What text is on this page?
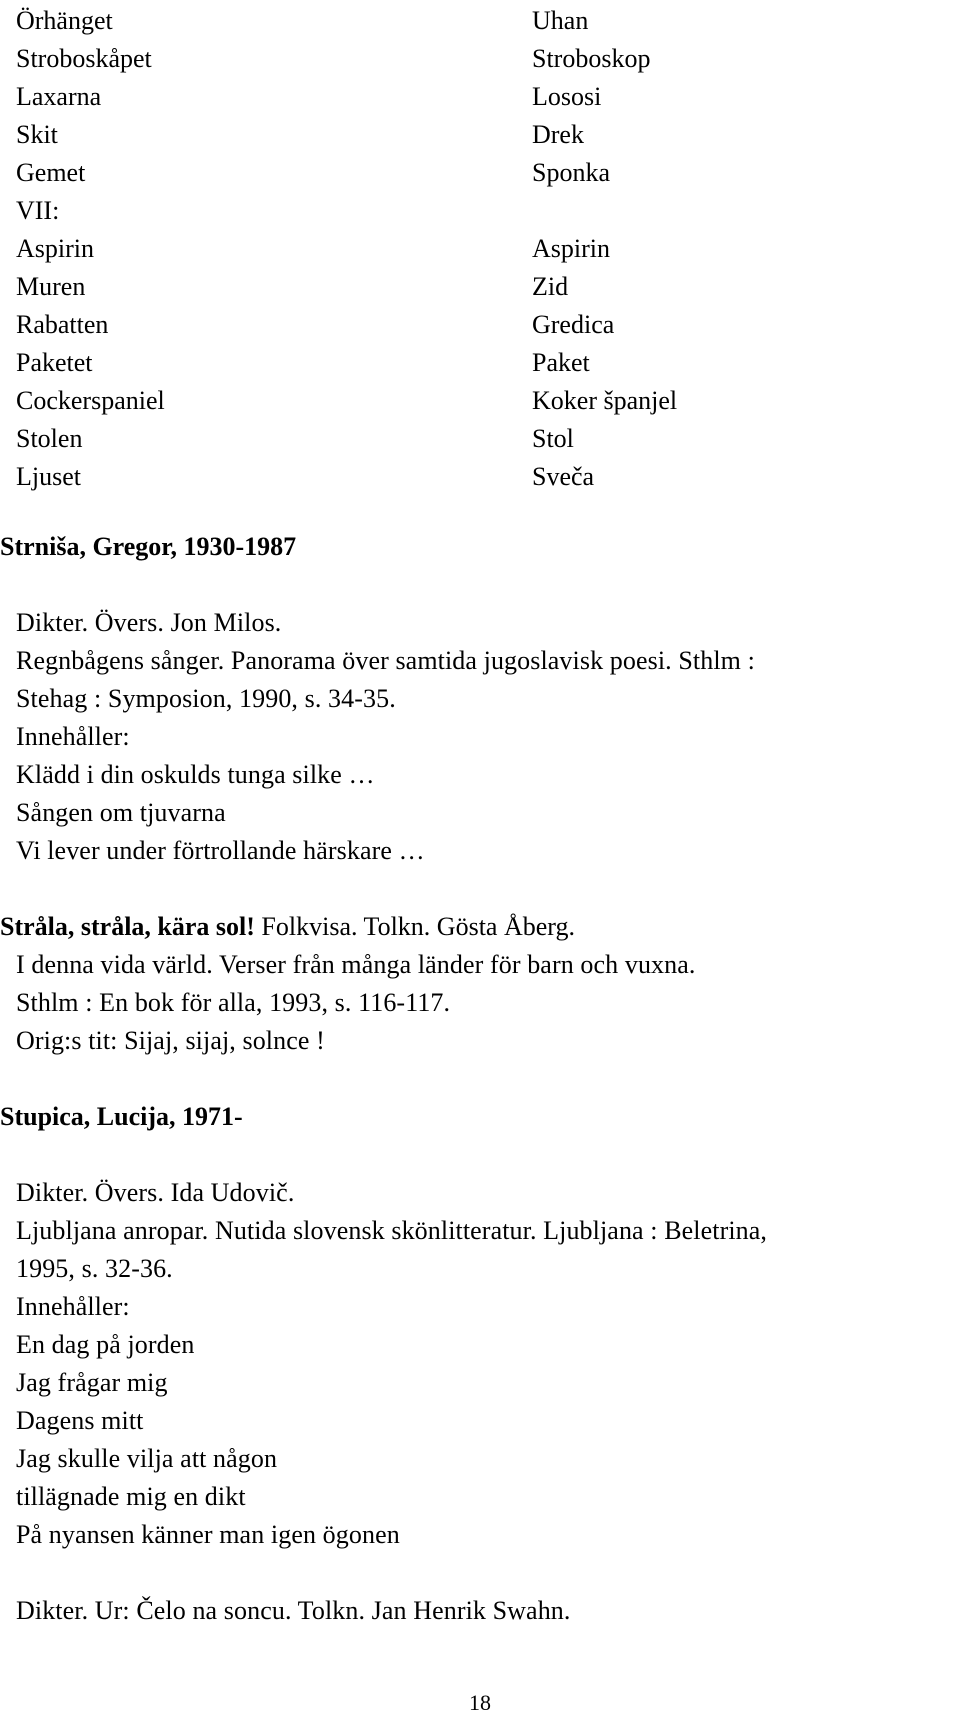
Örhänget
Stroboskåpet
Laxarna
Skit
Gemet
VII:
Aspirin
Muren
Rabatten
Paketet
Cockerspaniel
Stolen
Ljuset
Uhan
Stroboskop
Lososi
Drek
Sponka
Aspirin
Zid
Gredica
Paket
Koker španjel
Stol
Sveča
Strniša, Gregor, 1930-1987
Dikter. Övers. Jon Milos.
Regnbågens sånger. Panorama över samtida jugoslavisk poesi. Sthlm :
Stehag : Symposion, 1990, s. 34-35.
Innehåller:
Klädd i din oskulds tunga silke …
Sången om tjuvarna
Vi lever under förtrollande härskare …
Stråla, stråla, kära sol! Folkvisa. Tolkn. Gösta Åberg.
I denna vida värld. Verser från många länder för barn och vuxna.
Sthlm : En bok för alla, 1993, s. 116-117.
Orig:s tit: Sijaj, sijaj, solnce !
Stupica, Lucija, 1971-
Dikter. Övers. Ida Udovič.
Ljubljana anropar. Nutida slovensk skönlitteratur. Ljubljana : Beletrina,
1995, s. 32-36.
Innehåller:
En dag på jorden
Jag frågar mig
Dagens mitt
Jag skulle vilja att någon
tillägnade mig en dikt
På nyansen känner man igen ögonen
Dikter. Ur: Čelo na soncu. Tolkn. Jan Henrik Swahn.
18
